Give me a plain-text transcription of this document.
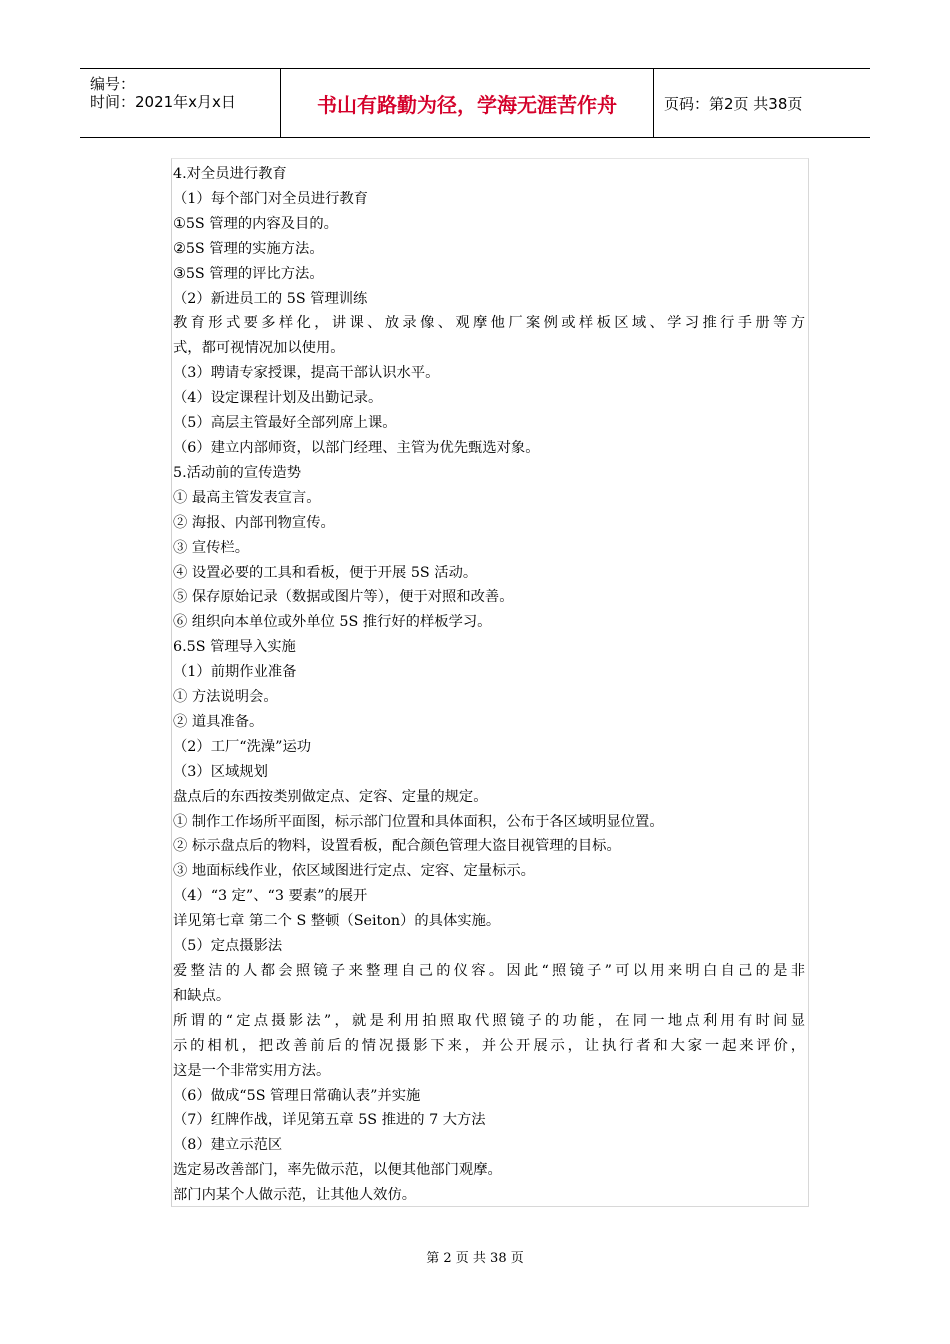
编号：
时间：2021年x月x日	书山有路勤为径，学海无涯苦作舟	页码：第2页 共38页
4.对全员进行教育
（1）每个部门对全员进行教育
①5S 管理的内容及目的。
②5S 管理的实施方法。
③5S 管理的评比方法。
（2）新进员工的 5S 管理训练
教育形式要多样化，讲课、放录像、观摩他厂案例或样板区域、学习推行手册等方
式，都可视情况加以使用。
（3）聘请专家授课，提高干部认识水平。
（4）设定课程计划及出勤记录。
（5）高层主管最好全部列席上课。
（6）建立内部师资，以部门经理、主管为优先甄选对象。
5.活动前的宣传造势
① 最高主管发表宣言。
② 海报、内部刊物宣传。
③ 宣传栏。
④ 设置必要的工具和看板，便于开展 5S 活动。
⑤ 保存原始记录（数据或图片等），便于对照和改善。
⑥ 组织向本单位或外单位 5S 推行好的样板学习。
6.5S 管理导入实施
（1）前期作业准备
① 方法说明会。
② 道具准备。
（2）工厂“洗澡”运功
（3）区域规划
盘点后的东西按类别做定点、定容、定量的规定。
① 制作工作场所平面图，标示部门位置和具体面积，公布于各区域明显位置。
② 标示盘点后的物料，设置看板，配合颜色管理大盗目视管理的目标。
③ 地面标线作业，依区域图进行定点、定容、定量标示。
（4）“3 定”、“3 要素”的展开
详见第七章 第二个 S 整顿（Seiton）的具体实施。
（5）定点摄影法
爱整洁的人都会照镜子来整理自己的仪容。因此“照镜子”可以用来明白自己的是非
和缺点。
所谓的“定点摄影法”，就是利用拍照取代照镜子的功能，在同一地点利用有时间显
示的相机，把改善前后的情况摄影下来，并公开展示，让执行者和大家一起来评价，
这是一个非常实用方法。
（6）做成“5S 管理日常确认表”并实施
（7）红牌作战，详见第五章 5S 推进的 7 大方法
（8）建立示范区
选定易改善部门，率先做示范，以便其他部门观摩。
部门内某个人做示范，让其他人效仿。
第 2 页 共 38 页
